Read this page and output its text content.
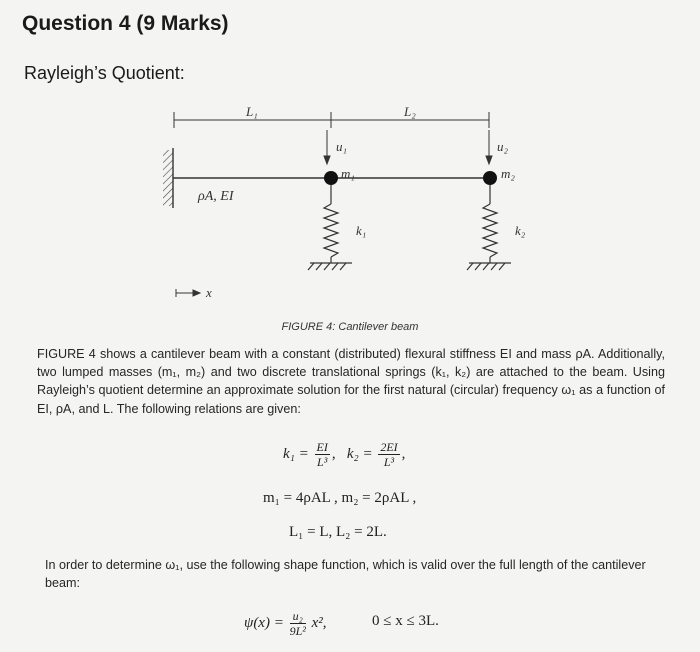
Question 4 (9 Marks)
Rayleigh’s Quotient:
L₁	L₂
u₁	u₂
m₁	m₂
ρA, EI
k₁	k₂
x
FIGURE 4: Cantilever beam
FIGURE 4 shows a cantilever beam with a constant (distributed) flexural stiffness EI and mass ρA. Additionally, two lumped masses (m₁, m₂) and two discrete translational springs (k₁, k₂) are attached to the beam. Using Rayleigh’s quotient determine an approximate solution for the first natural (circular) frequency ω₁ as a function of EI, ρA, and L. The following relations are given:
$k_1 = \frac{EI}{\text{L³}}$ , $k_2 = \frac{2EI}{\text{L³}}$ ,
m₁ = 4ρAL , m₂ = 2ρAL ,
L₁ = L, L₂ = 2L.
In order to determine ω₁, use the following shape function, which is valid over the full length of the cantilever beam:
$\psi(x) = \frac{\text{u₂}}{\text{9L²}} x^2$,	0 ≤ x ≤ 3L.
